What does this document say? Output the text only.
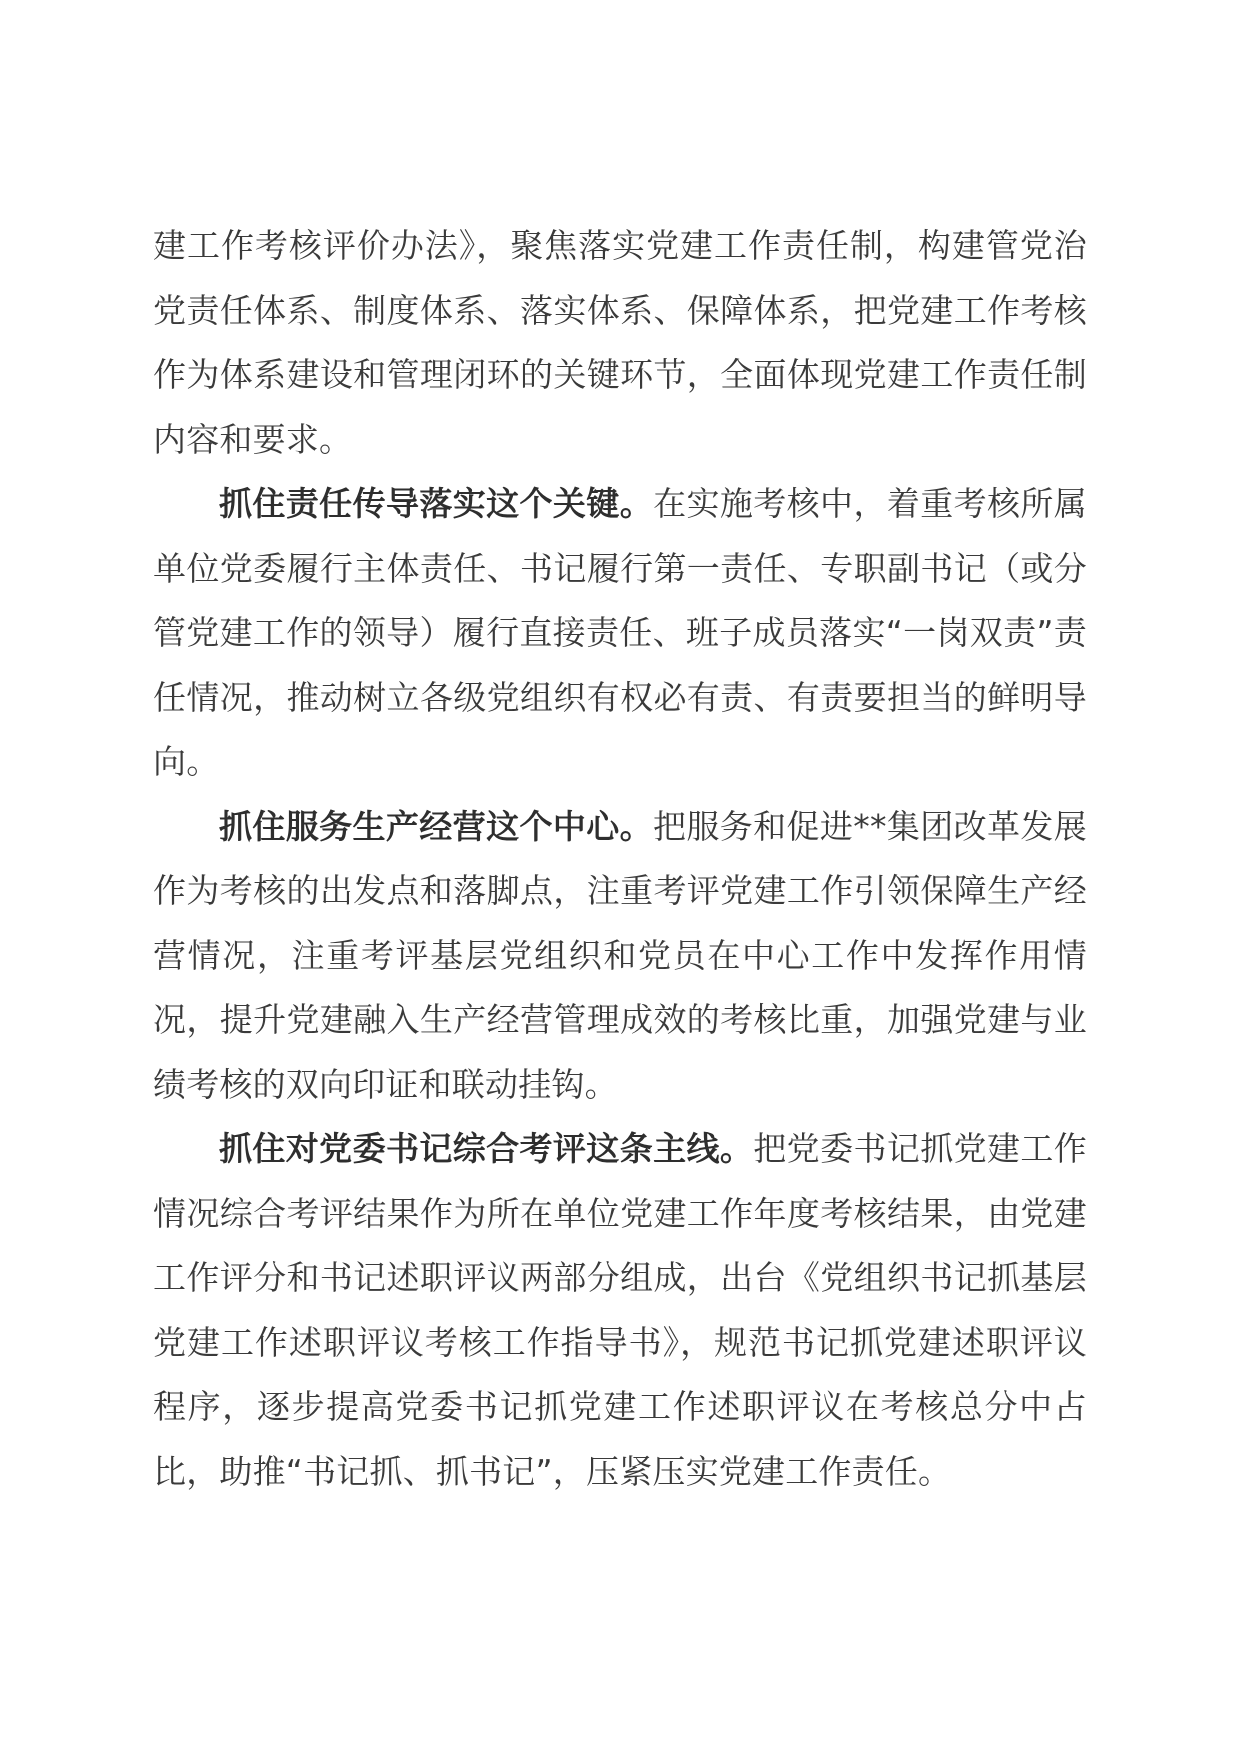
建工作考核评价办法》，聚焦落实党建工作责任制，构建管党治党责任体系、制度体系、落实体系、保障体系，把党建工作考核作为体系建设和管理闭环的关键环节，全面体现党建工作责任制内容和要求。

抓住责任传导落实这个关键。在实施考核中，着重考核所属单位党委履行主体责任、书记履行第一责任、专职副书记（或分管党建工作的领导）履行直接责任、班子成员落实“一岗双责”责任情况，推动树立各级党组织有权必有责、有责要担当的鲜明导向。

抓住服务生产经营这个中心。把服务和促进**集团改革发展作为考核的出发点和落脚点，注重考评党建工作引领保障生产经营情况，注重考评基层党组织和党员在中心工作中发挥作用情况，提升党建融入生产经营管理成效的考核比重，加强党建与业绩考核的双向印证和联动挂钩。

抓住对党委书记综合考评这条主线。把党委书记抓党建工作情况综合考评结果作为所在单位党建工作年度考核结果，由党建工作评分和书记述职评议两部分组成，出台《党组织书记抓基层党建工作述职评议考核工作指导书》，规范书记抓党建述职评议程序，逐步提高党委书记抓党建工作述职评议在考核总分中占比，助推“书记抓、抓书记”，压紧压实党建工作责任。
